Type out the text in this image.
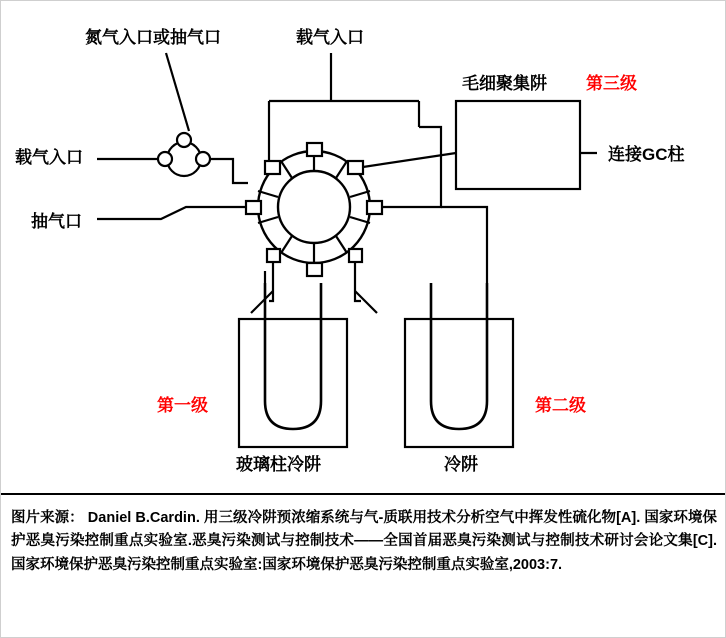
氮气入口或抽气口	载气入口
毛细聚集阱 第三级
载气入口	连接GC柱
抽气口
第一级	第二级
玻璃柱冷阱	冷阱
图片来源： Daniel B.Cardin. 用三级冷阱预浓缩系统与气-质联用技术分析空气中挥发性硫化物[A]. 国家环境保护恶臭污染控制重点实验室.恶臭污染测试与控制技术——全国首届恶臭污染测试与控制技术研讨会论文集[C].国家环境保护恶臭污染控制重点实验室:国家环境保护恶臭污染控制重点实验室,2003:7.
